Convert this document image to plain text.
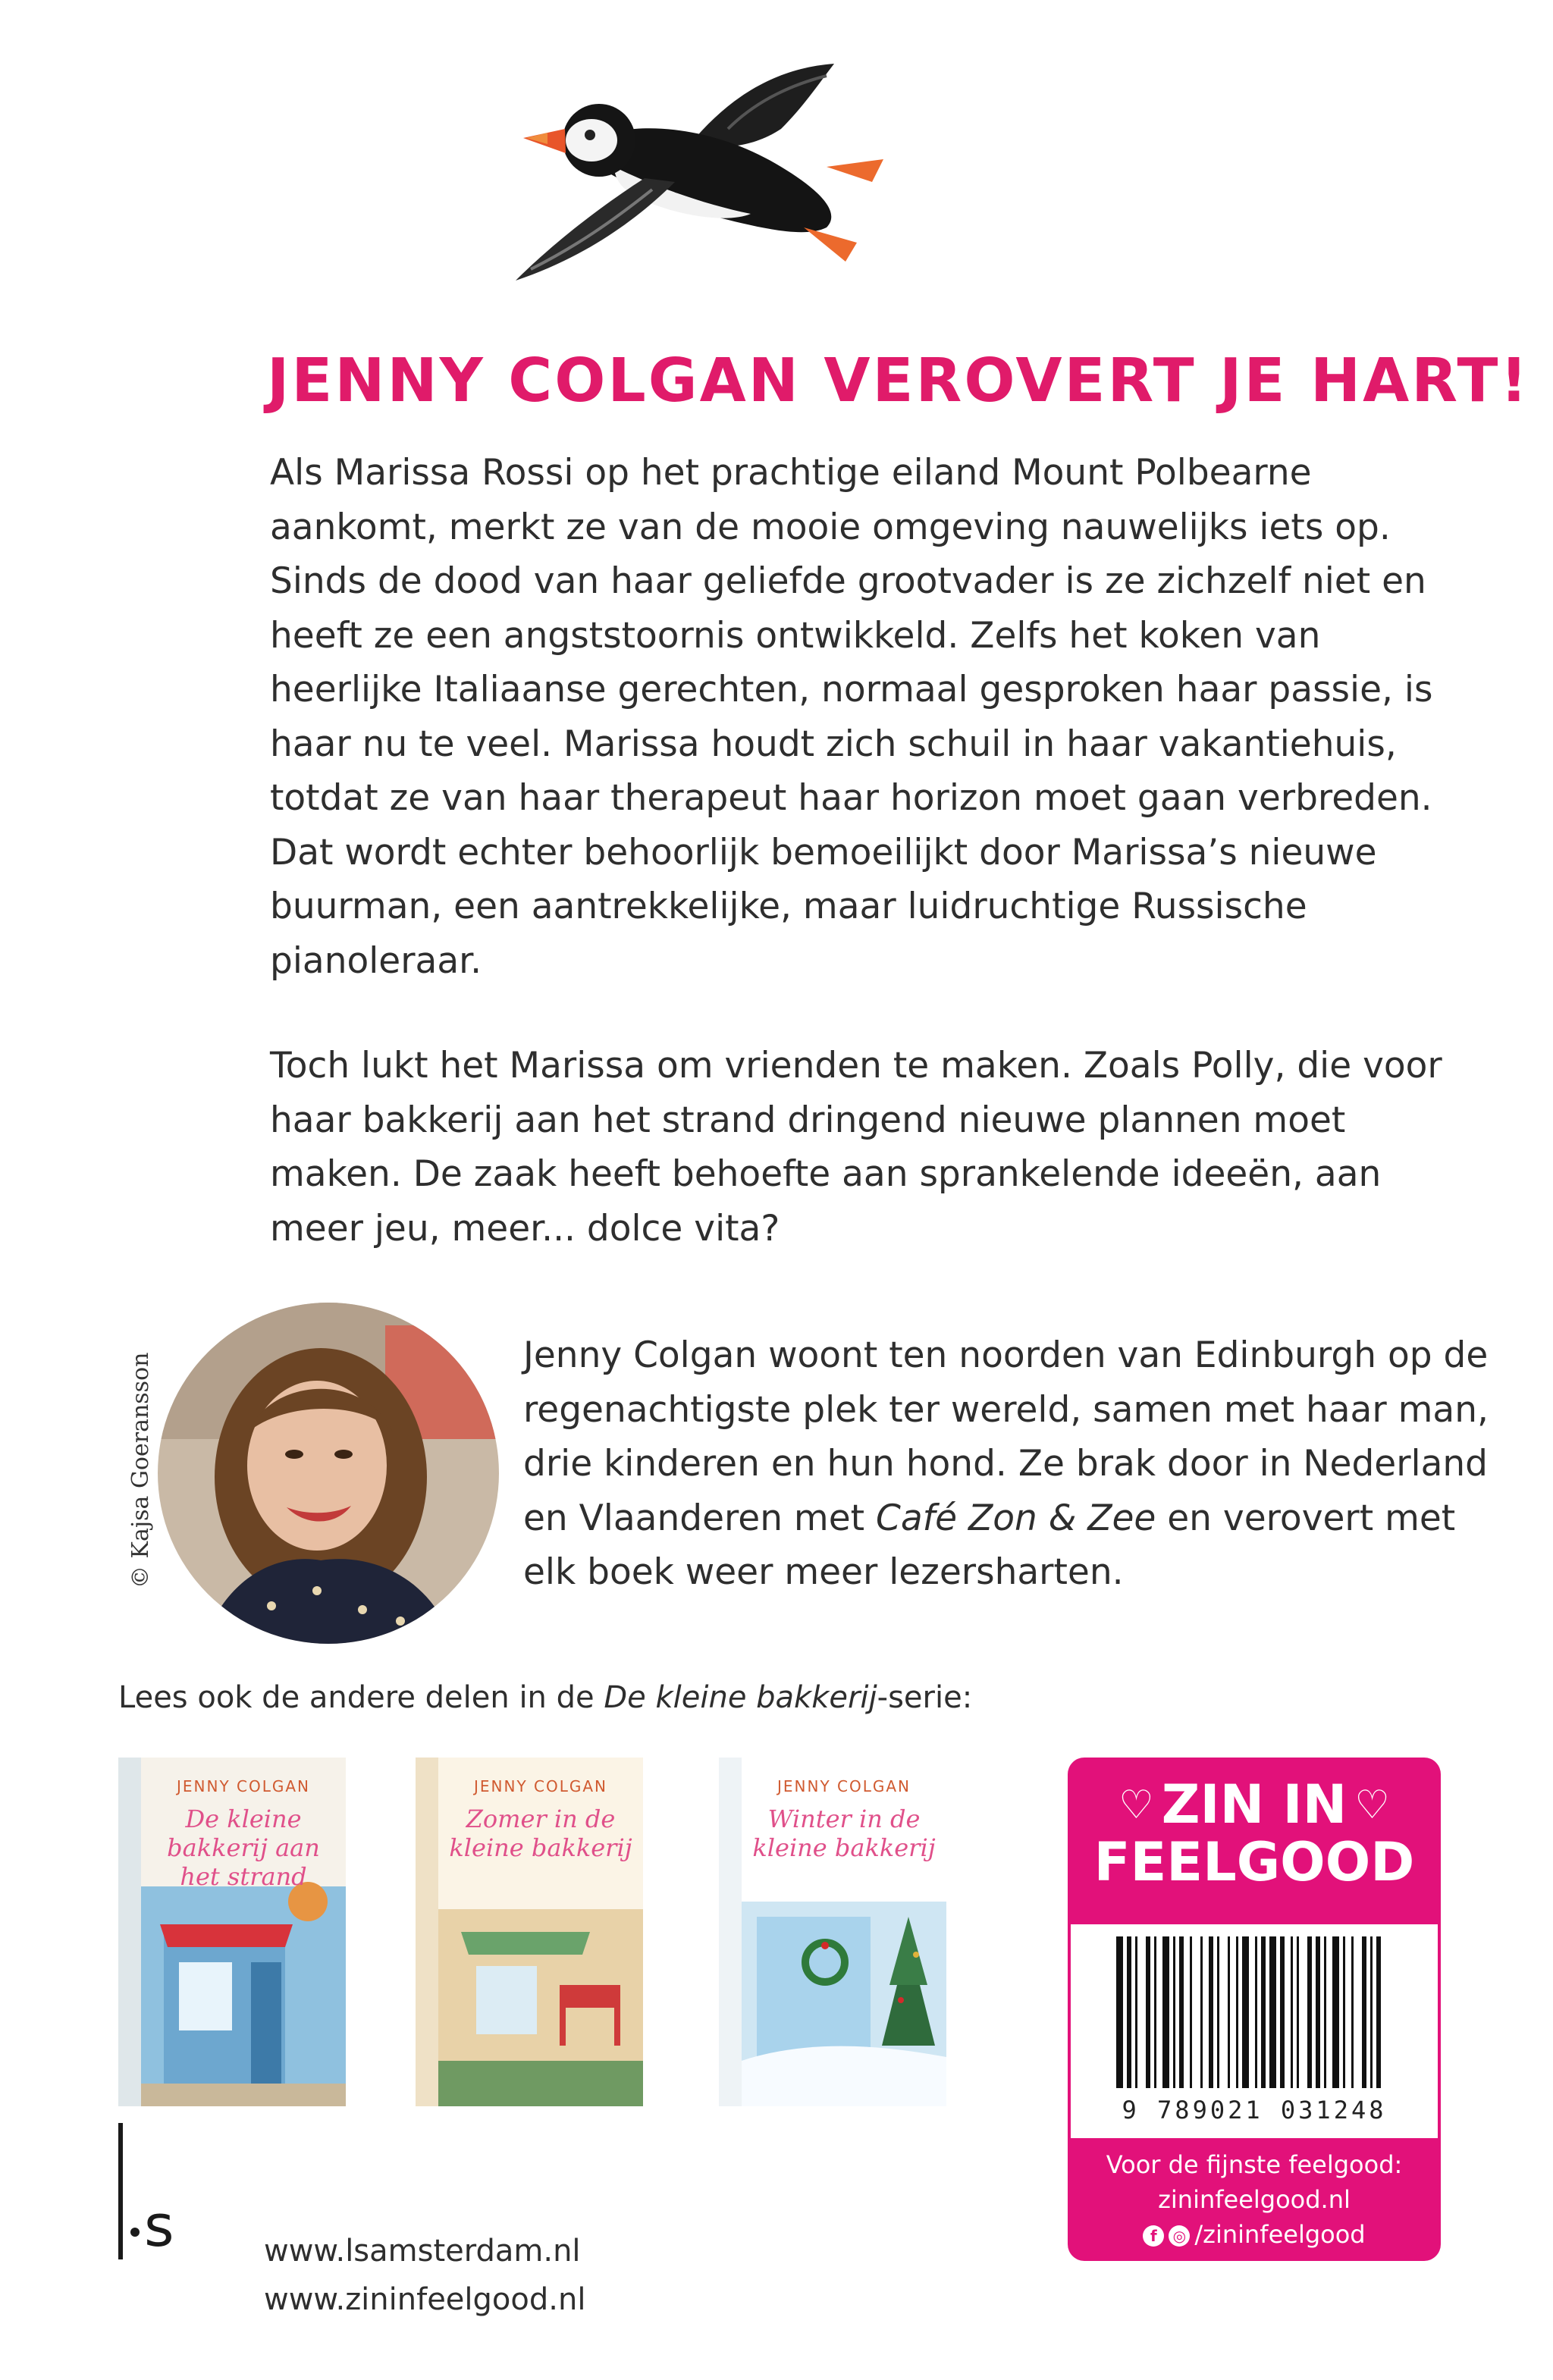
JENNY COLGAN VEROVERT JE HART!

Als Marissa Rossi op het prachtige eiland Mount Polbearne aankomt, merkt ze van de mooie omgeving nauwelijks iets op. Sinds de dood van haar geliefde grootvader is ze zichzelf niet en heeft ze een angststoornis ontwikkeld. Zelfs het koken van heerlijke Italiaanse gerechten, normaal gesproken haar passie, is haar nu te veel. Marissa houdt zich schuil in haar vakantiehuis, totdat ze van haar therapeut haar horizon moet gaan verbreden. Dat wordt echter behoorlijk bemoeilijkt door Marissa’s nieuwe buurman, een aantrekkelijke, maar luidruchtige Russische pianoleraar.

Toch lukt het Marissa om vrienden te maken. Zoals Polly, die voor haar bakkerij aan het strand dringend nieuwe plannen moet maken. De zaak heeft behoefte aan sprankelende ideeën, aan meer jeu, meer... dolce vita?

© Kajsa Goeransson	Jenny Colgan woont ten noorden van Edinburgh op de regenachtigste plek ter wereld, samen met haar man, drie kinderen en hun hond. Ze brak door in Nederland en Vlaanderen met Café Zon & Zee en verovert met elk boek weer meer lezersharten.

Lees ook de andere delen in de De kleine bakkerij-serie:
JENNY COLGAN
De kleine bakkerij aan het strand
JENNY COLGAN
Zomer in de kleine bakkerij
JENNY COLGAN
Winter in de kleine bakkerij
♡ ZIN IN ♡
FEELGOOD
9 789021 031248
Voor de fijnste feelgood:
zininfeelgood.nl
f ◎ /zininfeelgood
s	www.lsamsterdam.nl
www.zininfeelgood.nl
